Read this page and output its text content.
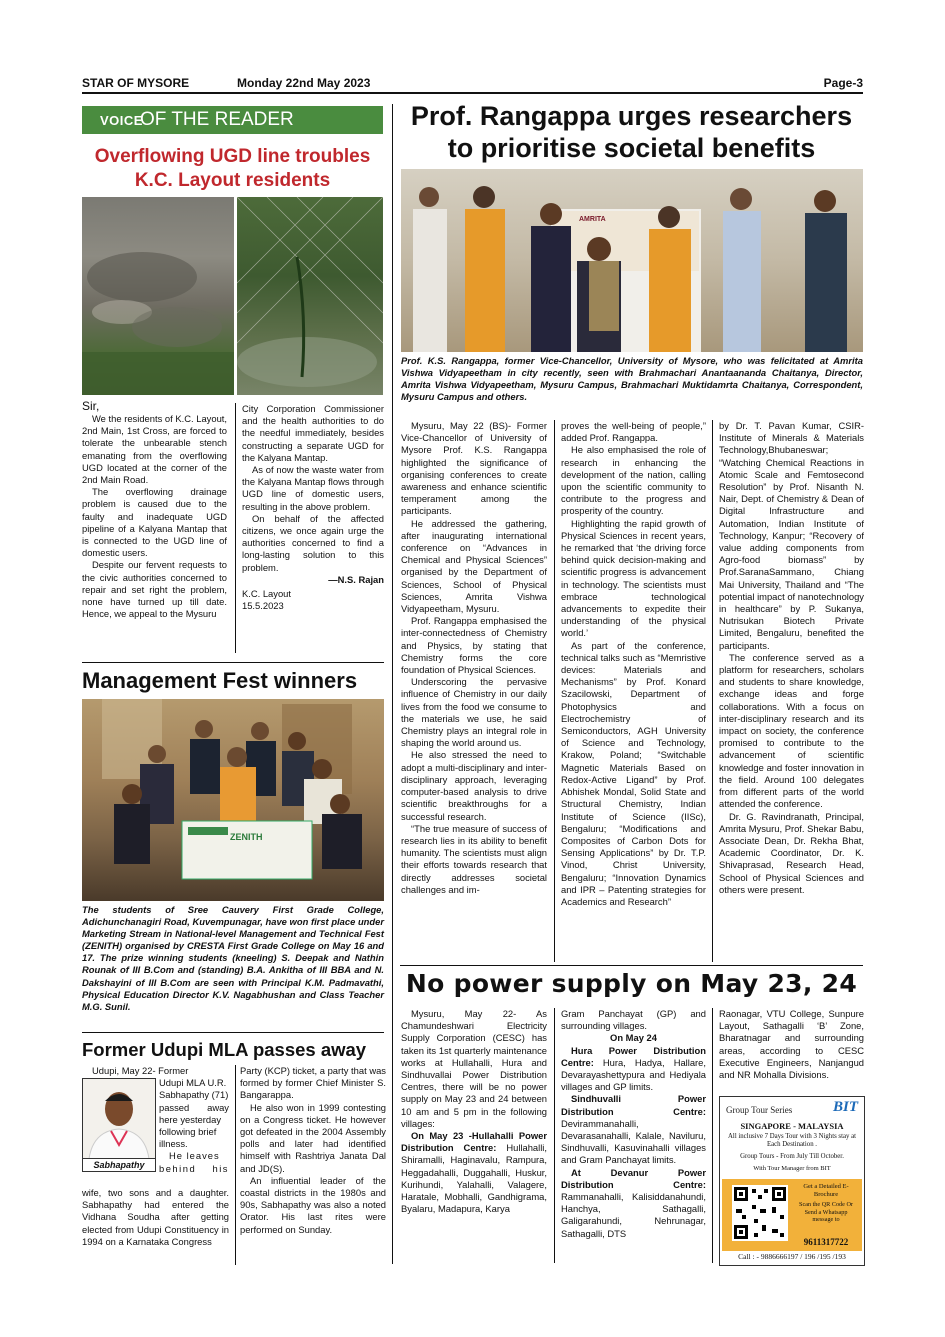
STAR OF MYSORE	Monday 22nd May 2023	Page-3
VOICE
OF THE READER
Overflowing UGD line troubles
K.C. Layout residents

Sir,

We the residents of K.C. Layout, 2nd Main, 1st Cross, are forced to tolerate the unbearable stench emanating from the overflowing UGD located at the corner of the 2nd Main Road.

The overflowing drainage problem is caused due to the faulty and inadequate UGD pipeline of a Kalyana Mantap that is connected to the UGD line of domestic users.

Despite our fervent requests to the civic authorities concerned to repair and set right the problem, none have turned up till date. Hence, we appeal to the Mysuru

City Corporation Commissioner and the health authorities to do the needful immediately, besides constructing a separate UGD for the Kalyana Mantap.

As of now the waste water from the Kalyana Mantap flows through UGD line of domestic users, resulting in the above problem.

On behalf of the affected citizens, we once again urge the authorities concerned to find a long-lasting solution to this problem.

—N.S. Rajan

K.C. Layout

15.5.2023

Management Fest winners
ZENITH
The students of Sree Cauvery First Grade College, Adichunchanagiri Road, Kuvempunagar, have won first place under Marketing Stream in National-level Management and Technical Fest (ZENITH) organised by CRESTA First Grade College on May 16 and 17. The prize winning students (kneeling) S. Deepak and Nathin Rounak of III B.Com and (standing) B.A. Ankitha of III BBA and N. Dakshayini of III B.Com are seen with Principal K.M. Padmavathi, Physical Education Director K.V. Nagabhushan and Class Teacher M.G. Sunil.
Former Udupi MLA passes away
Sabhapathy
Udupi, May 22- Former
Udupi MLA U.R.
Sabhapathy (71)
passed away
here yesterday
following brief
illness.
He leaves
behind his

wife, two sons and a daughter. Sabhapathy had entered the Vidhana Soudha after getting elected from Udupi Constituency in 1994 on a Karnataka Congress

Party (KCP) ticket, a party that was formed by former Chief Minister S. Bangarappa.

He also won in 1999 contesting on a Congress ticket. He however got defeated in the 2004 Assembly polls and later had identified himself with Rashtriya Janata Dal and JD(S).

An influential leader of the coastal districts in the 1980s and 90s, Sabhapathy was also a noted Orator. His last rites were performed on Sunday.

Prof. Rangappa urges researchers
to prioritise societal benefits
AMRITA
Prof. K.S. Rangappa, former Vice-Chancellor, University of Mysore, who was felicitated at Amrita Vishwa Vidyapeetham in city recently, seen with Brahmachari Anantaananda Chaitanya, Director, Amrita Vishwa Vidyapeetham, Mysuru Campus, Brahmachari Muktidamrta Chaitanya, Correspondent, Mysuru Campus and others.

Mysuru, May 22 (BS)- Former Vice-Chancellor of University of Mysore Prof. K.S. Rangappa highlighted the significance of organising conferences to create awareness and enhance scientific temperament among the participants.

He addressed the gathering, after inaugurating international conference on “Advances in Chemical and Physical Sciences” organised by the Department of Sciences, School of Physical Sciences, Amrita Vishwa Vidyapeetham, Mysuru.

Prof. Rangappa emphasised the inter-connectedness of Chemistry and Physics, by stating that Chemistry forms the core foundation of Physical Sciences.

Underscoring the pervasive influence of Chemistry in our daily lives from the food we consume to the materials we use, he said Chemistry plays an integral role in shaping the world around us.

He also stressed the need to adopt a multi-disciplinary and inter-disciplinary approach, leveraging computer-based analysis to drive scientific breakthroughs for a successful research.

“The true measure of success of research lies in its ability to benefit humanity. The scientists must align their efforts towards research that directly addresses societal challenges and im-

proves the well-being of people,” added Prof. Rangappa.

He also emphasised the role of research in enhancing the development of the nation, calling upon the scientific community to contribute to the progress and prosperity of the country.

Highlighting the rapid growth of Physical Sciences in recent years, he remarked that ‘the driving force behind quick decision-making and scientific progress is advancement in technology. The scientists must embrace technological advancements to expedite their understanding of the physical world.’

As part of the conference, technical talks such as “Memristive devices: Materials and Mechanisms” by Prof. Konard Szacilowski, Department of Photophysics and Electrochemistry of Semiconductors, AGH University of Science and Technology, Krakow, Poland; “Switchable Magnetic Materials Based on Redox-Active Ligand” by Prof. Abhishek Mondal, Solid State and Structural Chemistry, Indian Institute of Science (IISc), Bengaluru; “Modifications and Composites of Carbon Dots for Sensing Applications” by Dr. T.P. Vinod, Christ University, Bengaluru; “Innovation Dynamics and IPR – Patenting strategies for Academics and Research”

by Dr. T. Pavan Kumar, CSIR-Institute of Minerals & Materials Technology,Bhubaneswar; “Watching Chemical Reactions in Atomic Scale and Femtosecond Resolution” by Prof. Nisanth N. Nair, Dept. of Chemistry & Dean of Digital Infrastructure and Automation, Indian Institute of Technology, Kanpur; “Recovery of value adding components from Agro-food biomass” by Prof.SaranaSammano, Chiang Mai University, Thailand and “The potential impact of nanotechnology in healthcare” by P. Sukanya, Nutrisukan Biotech Private Limited, Bengaluru, benefited the participants.

The conference served as a platform for researchers, scholars and students to share knowledge, exchange ideas and forge collaborations. With a focus on inter-disciplinary research and its impact on society, the conference promised to contribute to the advancement of scientific knowledge and foster innovation in the field. Around 100 delegates from different parts of the world attended the conference.

Dr. G. Ravindranath, Principal, Amrita Mysuru, Prof. Shekar Babu, Associate Dean, Dr. Rekha Bhat, Academic Coordinator, Dr. K. Shivaprasad, Research Head, School of Physical Sciences and others were present.

No power supply on May 23, 24

Mysuru, May 22- As Chamundeshwari Electricity Supply Corporation (CESC) has taken its 1st quarterly maintenance works at Hullahalli, Hura and Sindhuvallai Power Distribution Centres, there will be no power supply on May 23 and 24 between 10 am and 5 pm in the following villages:

On May 23 -Hullahalli Power Distribution Centre: Hullahalli, Shiramalli, Haginavalu, Rampura, Heggadahalli, Duggahalli, Huskur, Kurihundi, Yalahalli, Valagere, Haratale, Mobhalli, Gandhigrama, Byalaru, Madapura, Karya

Gram Panchayat (GP) and surrounding villages.

On May 24

Hura Power Distribution Centre: Hura, Hadya, Hallare, Devarayashettypura and Hediyala villages and GP limits.

Sindhuvalli Power Distribution Centre: Devirammanahalli, Devarasanahalli, Kalale, Naviluru, Sindhuvalli, Kasuvinahalli villages and Gram Panchayat limits.

At Devanur Power Distribution Centre: Rammanahalli, Kalisiddanahundi, Hanchya, Sathagalli, Galigarahundi, Nehrunagar, Sathagalli, DTS

Raonagar, VTU College, Sunpure Layout, Sathagalli ‘B’ Zone, Bharatnagar and surrounding areas, according to CESC Executive Engineers, Nanjangud and NR Mohalla Divisions.

Group Tour Series	BIT
SINGAPORE - MALAYSIA
All inclusive 7 Days Tour with 3 Nights stay at Each Destination .
Group Tours - From July Till October.
With Tour Manager from BIT
Get a Detailed E-Brochure
Scan the QR Code Or Send a Whatsapp message to
9611317722
Call : - 9886666197 / 196 /195 /193
